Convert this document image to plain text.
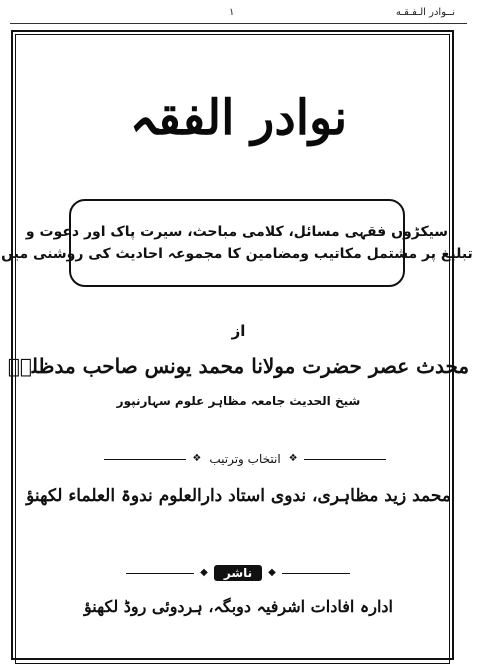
نــوادر الـفـقـه
۱
نوادر الفقہ
سیکڑوں فقہی مسائل، کلامی مباحث، سیرت پاک اور دعوت و
تبلیغ پر مشتمل مکاتیب ومضامین کا مجموعہ احادیث کی روشنی میں
از
محدث عصر حضرت مولانا محمد یونس صاحب مدظلہٗ
شیخ الحدیث جامعہ مظاہر علوم سہارنپور
❖ انتخاب وترتیب ❖
محمد زید مظاہری، ندوی استاد دارالعلوم ندوۃ العلماء لکھنؤ
◆	ناشر	◆
ادارہ افادات اشرفیہ دوبگہ، ہردوئی روڈ لکھنؤ
